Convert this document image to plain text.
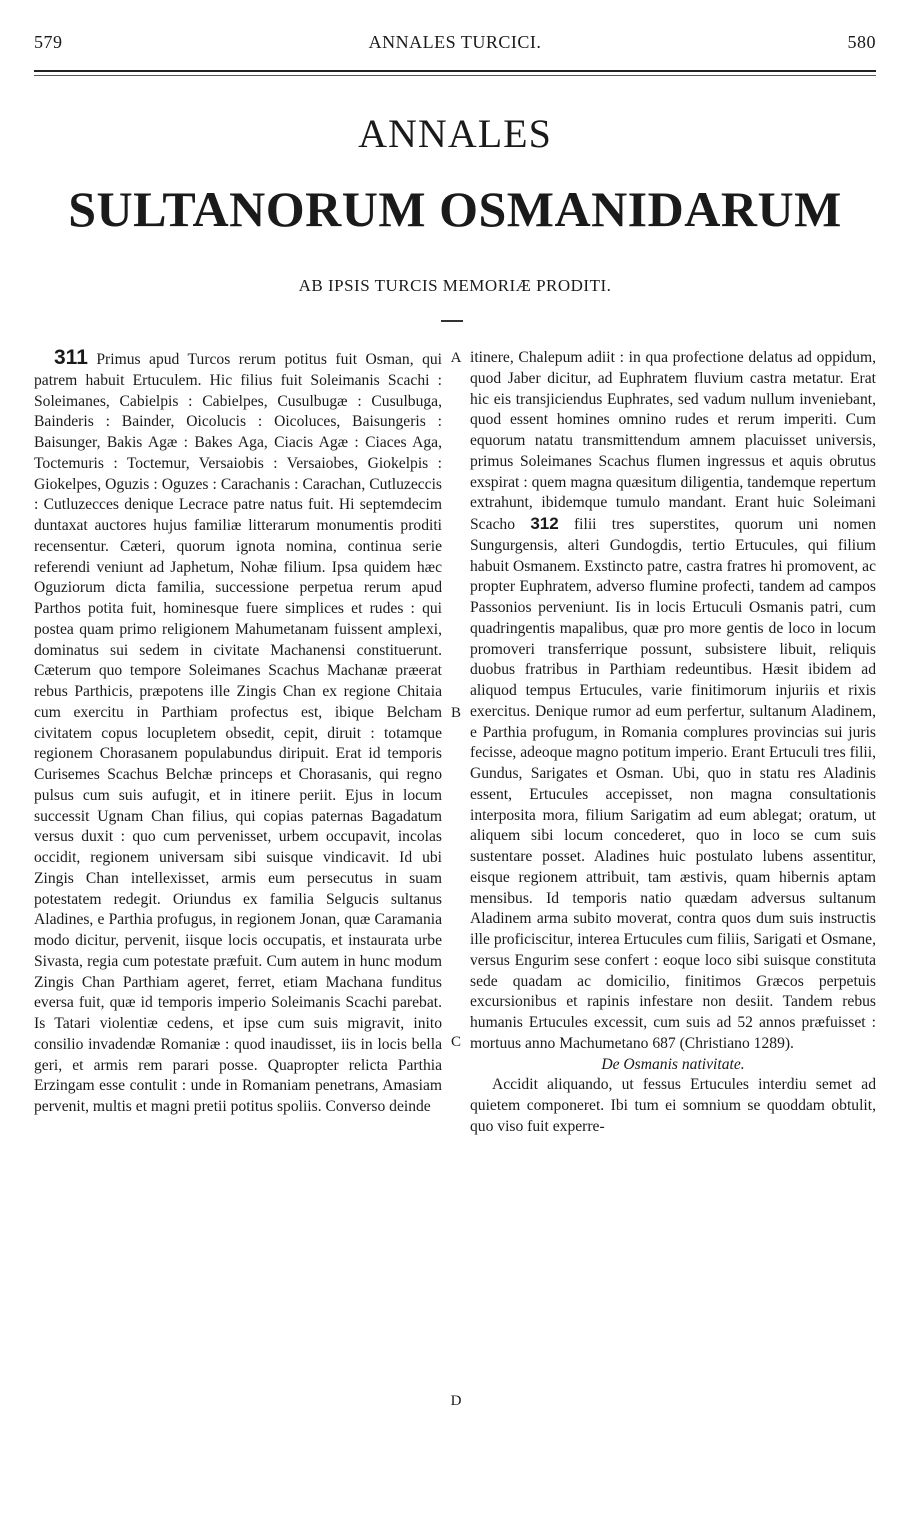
579	ANNALES TURCICI.	580
ANNALES
SULTANORUM OSMANIDARUM
AB IPSIS TURCIS MEMORIÆ PRODITI.

311 Primus apud Turcos rerum potitus fuit Osman, qui patrem habuit Ertuculem. Hic filius fuit Soleimanis Scachi : Soleimanes, Cabielpis : Cabielpes, Cusulbugæ : Cusulbuga, Bainderis : Bainder, Oicolucis : Oicoluces, Baisungeris : Baisunger, Bakis Agæ : Bakes Aga, Ciacis Agæ : Ciaces Aga, Toctemuris : Toctemur, Versaiobis : Versaiobes, Giokelpis : Giokelpes, Oguzis : Oguzes : Carachanis : Carachan, Cutluzeccis : Cutluzecces denique Lecrace patre natus fuit. Hi septemdecim duntaxat auctores hujus familiæ litterarum monumentis proditi recensentur. Cæteri, quorum ignota nomina, continua serie referendi veniunt ad Japhetum, Nohæ filium. Ipsa quidem hæc Oguziorum dicta familia, successione perpetua rerum apud Parthos potita fuit, hominesque fuere simplices et rudes : qui postea quam primo religionem Mahumetanam fuissent amplexi, dominatus sui sedem in civitate Machanensi constituerunt. Cæterum quo tempore Soleimanes Scachus Machanæ præerat rebus Parthicis, præpotens ille Zingis Chan ex regione Chitaia cum exercitu in Parthiam profectus est, ibique Belcham civitatem copus locupletem obsedit, cepit, diruit : totamque regionem Chorasanem populabundus diripuit. Erat id temporis Curisemes Scachus Belchæ princeps et Chorasanis, qui regno pulsus cum suis aufugit, et in itinere periit. Ejus in locum successit Ugnam Chan filius, qui copias paternas Bagadatum versus duxit : quo cum pervenisset, urbem occupavit, incolas occidit, regionem universam sibi suisque vindicavit. Id ubi Zingis Chan intellexisset, armis eum persecutus in suam potestatem redegit. Oriundus ex familia Selgucis sultanus Aladines, e Parthia profugus, in regionem Jonan, quæ Caramania modo dicitur, pervenit, iisque locis occupatis, et instaurata urbe Sivasta, regia cum potestate præfuit. Cum autem in hunc modum Zingis Chan Parthiam ageret, ferret, etiam Machana funditus eversa fuit, quæ id temporis imperio Soleimanis Scachi parebat. Is Tatari violentiæ cedens, et ipse cum suis migravit, inito consilio invadendæ Romaniæ : quod inaudisset, iis in locis bella geri, et armis rem parari posse. Quapropter relicta Parthia Erzingam esse contulit : unde in Romaniam penetrans, Amasiam pervenit, multis et magni pretii potitus spoliis. Converso deinde

A
B
C
D

itinere, Chalepum adiit : in qua profectione delatus ad oppidum, quod Jaber dicitur, ad Euphratem fluvium castra metatur. Erat hic eis transjiciendus Euphrates, sed vadum nullum inveniebant, quod essent homines omnino rudes et rerum imperiti. Cum equorum natatu transmittendum amnem placuisset universis, primus Soleimanes Scachus flumen ingressus et aquis obrutus exspirat : quem magna quæsitum diligentia, tandemque repertum extrahunt, ibidemque tumulo mandant. Erant huic Soleimani Scacho 312 filii tres superstites, quorum uni nomen Sungurgensis, alteri Gundogdis, tertio Ertucules, qui filium habuit Osmanem. Exstincto patre, castra fratres hi promovent, ac propter Euphratem, adverso flumine profecti, tandem ad campos Passonios perveniunt. Iis in locis Ertuculi Osmanis patri, cum quadringentis mapalibus, quæ pro more gentis de loco in locum promoveri transferrique possunt, subsistere libuit, reliquis duobus fratribus in Parthiam redeuntibus. Hæsit ibidem ad aliquod tempus Ertucules, varie finitimorum injuriis et rixis exercitus. Denique rumor ad eum perfertur, sultanum Aladinem, e Parthia profugum, in Romania complures provincias sui juris fecisse, adeoque magno potitum imperio. Erant Ertuculi tres filii, Gundus, Sarigates et Osman. Ubi, quo in statu res Aladinis essent, Ertucules accepisset, non magna consultationis interposita mora, filium Sarigatim ad eum ablegat; oratum, ut aliquem sibi locum concederet, quo in loco se cum suis sustentare posset. Aladines huic postulato lubens assentitur, eisque regionem attribuit, tam æstivis, quam hibernis aptam mensibus. Id temporis natio quædam adversus sultanum Aladinem arma subito moverat, contra quos dum suis instructis ille proficiscitur, interea Ertucules cum filiis, Sarigati et Osmane, versus Engurim sese confert : eoque loco sibi suisque constituta sede quadam ac domicilio, finitimos Græcos perpetuis excursionibus et rapinis infestare non desiit. Tandem rebus humanis Ertucules excessit, cum suis ad 52 annos præfuisset : mortuus anno Machumetano 687 (Christiano 1289).

De Osmanis nativitate.

Accidit aliquando, ut fessus Ertucules interdiu semet ad quietem componeret. Ibi tum ei somnium se quoddam obtulit, quo viso fuit experre-
